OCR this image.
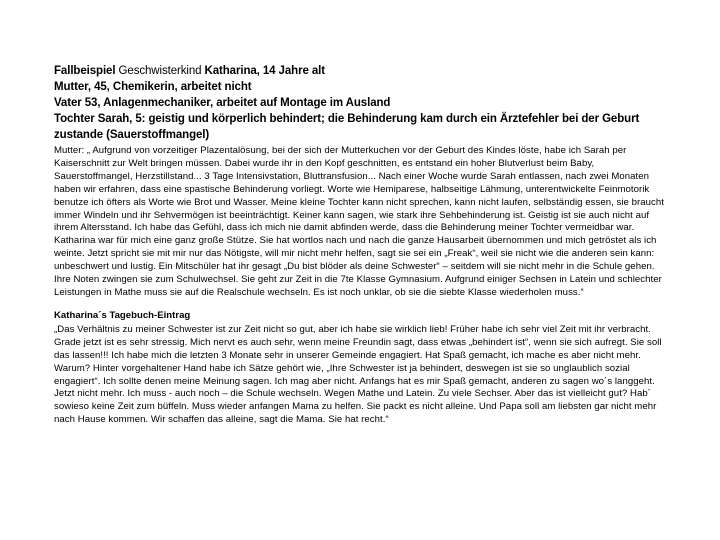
Fallbeispiel Geschwisterkind Katharina, 14 Jahre alt

Mutter, 45, Chemikerin, arbeitet nicht

Vater 53, Anlagenmechaniker, arbeitet auf Montage im Ausland

Tochter Sarah, 5: geistig und körperlich behindert; die Behinderung kam durch ein Ärztefehler bei der Geburt zustande (Sauerstoffmangel)

Mutter: „ Aufgrund von vorzeitiger Plazentalösung, bei der sich der Mutterkuchen vor der Geburt des Kindes löste, habe ich Sarah per Kaiserschnitt zur Welt bringen müssen. Dabei wurde ihr in den Kopf geschnitten, es entstand ein hoher Blutverlust beim Baby, Sauerstoffmangel, Herzstillstand... 3 Tage Intensivstation, Bluttransfusion... Nach einer Woche wurde Sarah entlassen, nach zwei Monaten haben wir erfahren, dass eine spastische Behinderung vorliegt. Worte wie Hemiparese, halbseitige Lähmung, unterentwickelte Feinmotorik benutze ich öfters als Worte wie Brot und Wasser. Meine kleine Tochter kann nicht sprechen, kann nicht laufen, selbständig essen, sie braucht immer Windeln und ihr Sehvermögen ist beeinträchtigt. Keiner kann sagen, wie stark ihre Sehbehinderung ist. Geistig ist sie auch nicht auf ihrem Altersstand. Ich habe das Gefühl, dass ich mich nie damit abfinden werde, dass die Behinderung meiner Tochter vermeidbar war. Katharina war für mich eine ganz große Stütze. Sie hat wortlos nach und nach die ganze Hausarbeit übernommen und mich getröstet als ich weinte. Jetzt spricht sie mit mir nur das Nötigste, will mir nicht mehr helfen, sagt sie sei ein „Freak“, weil sie nicht wie die anderen sein kann: unbeschwert und lustig. Ein Mitschüler hat ihr gesagt „Du bist blöder als deine Schwester“ – seitdem will sie nicht mehr in die Schule gehen. Ihre Noten zwingen sie zum Schulwechsel. Sie geht zur Zeit in die 7te Klasse Gymnasium. Aufgrund einiger Sechsen in Latein und schlechter Leistungen in Mathe muss sie auf die Realschule wechseln. Es ist noch unklar, ob sie die siebte Klasse wiederholen muss.“

Katharina´s Tagebuch-Eintrag

„Das Verhältnis zu meiner Schwester ist zur Zeit nicht so gut, aber ich habe sie wirklich lieb! Früher habe ich sehr viel Zeit mit ihr verbracht. Grade jetzt ist es sehr stressig. Mich nervt es auch sehr, wenn meine Freundin sagt, dass etwas „behindert ist“, wenn sie sich aufregt. Sie soll das lassen!!! Ich habe mich die letzten 3 Monate sehr in unserer Gemeinde engagiert. Hat Spaß gemacht, ich mache es aber nicht mehr. Warum? Hinter vorgehaltener Hand habe ich Sätze gehört wie, „Ihre Schwester ist ja behindert, deswegen ist sie so unglaublich sozial engagiert“. Ich sollte denen meine Meinung sagen. Ich mag aber nicht. Anfangs hat es mir Spaß gemacht, anderen zu sagen wo´s langgeht. Jetzt nicht mehr. Ich muss - auch noch – die Schule wechseln. Wegen Mathe und Latein. Zu viele Sechser. Aber das ist vielleicht gut? Hab´ sowieso keine Zeit zum büffeln. Muss wieder anfangen Mama zu helfen. Sie packt es nicht alleine. Und Papa soll am liebsten gar nicht mehr nach Hause kommen. Wir schaffen das alleine, sagt die Mama. Sie hat recht.“
